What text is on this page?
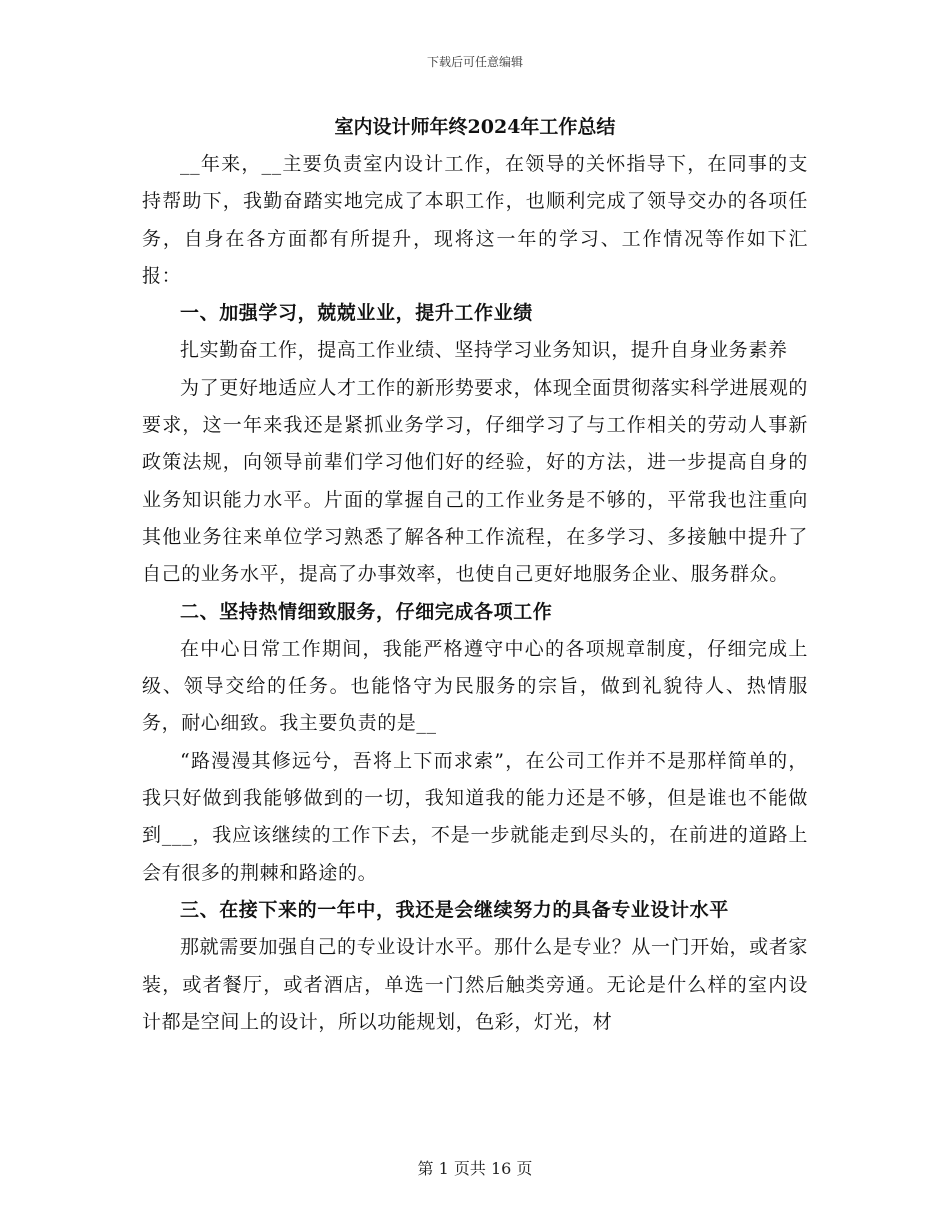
下载后可任意编辑
室内设计师年终2024年工作总结

__年来，__主要负责室内设计工作，在领导的关怀指导下，在同事的支持帮助下，我勤奋踏实地完成了本职工作，也顺利完成了领导交办的各项任务，自身在各方面都有所提升，现将这一年的学习、工作情况等作如下汇报：

一、加强学习，兢兢业业，提升工作业绩

扎实勤奋工作，提高工作业绩、坚持学习业务知识，提升自身业务素养

为了更好地适应人才工作的新形势要求，体现全面贯彻落实科学进展观的要求，这一年来我还是紧抓业务学习，仔细学习了与工作相关的劳动人事新政策法规，向领导前辈们学习他们好的经验，好的方法，进一步提高自身的业务知识能力水平。片面的掌握自己的工作业务是不够的，平常我也注重向其他业务往来单位学习熟悉了解各种工作流程，在多学习、多接触中提升了自己的业务水平，提高了办事效率，也使自己更好地服务企业、服务群众。

二、坚持热情细致服务，仔细完成各项工作

在中心日常工作期间，我能严格遵守中心的各项规章制度，仔细完成上级、领导交给的任务。也能恪守为民服务的宗旨，做到礼貌待人、热情服务，耐心细致。我主要负责的是__

“路漫漫其修远兮，吾将上下而求索”，在公司工作并不是那样简单的，我只好做到我能够做到的一切，我知道我的能力还是不够，但是谁也不能做到___，我应该继续的工作下去，不是一步就能走到尽头的，在前进的道路上会有很多的荆棘和路途的。

三、在接下来的一年中，我还是会继续努力的具备专业设计水平

那就需要加强自己的专业设计水平。那什么是专业？从一门开始，或者家装，或者餐厅，或者酒店，单选一门然后触类旁通。无论是什么样的室内设计都是空间上的设计，所以功能规划，色彩，灯光，材

第 1 页共 16 页
